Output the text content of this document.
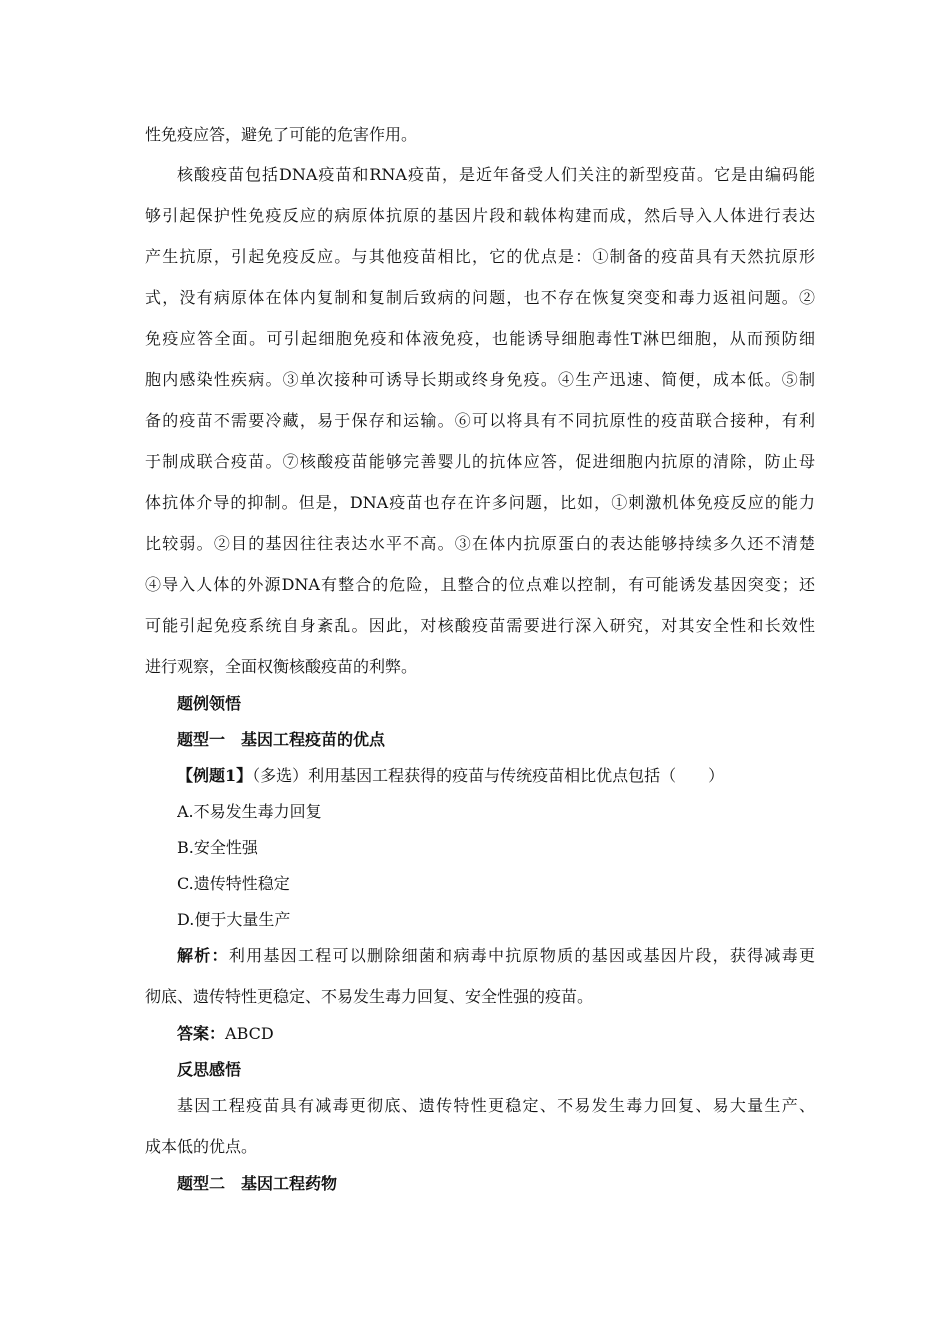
性免疫应答，避免了可能的危害作用。
核酸疫苗包括DNA疫苗和RNA疫苗，是近年备受人们关注的新型疫苗。它是由编码能
够引起保护性免疫反应的病原体抗原的基因片段和载体构建而成，然后导入人体进行表达
产生抗原，引起免疫反应。与其他疫苗相比，它的优点是：①制备的疫苗具有天然抗原形
式，没有病原体在体内复制和复制后致病的问题，也不存在恢复突变和毒力返祖问题。②
免疫应答全面。可引起细胞免疫和体液免疫，也能诱导细胞毒性T淋巴细胞，从而预防细
胞内感染性疾病。③单次接种可诱导长期或终身免疫。④生产迅速、简便，成本低。⑤制
备的疫苗不需要冷藏，易于保存和运输。⑥可以将具有不同抗原性的疫苗联合接种，有利
于制成联合疫苗。⑦核酸疫苗能够完善婴儿的抗体应答，促进细胞内抗原的清除，防止母
体抗体介导的抑制。但是，DNA疫苗也存在许多问题，比如，①刺激机体免疫反应的能力
比较弱。②目的基因往往表达水平不高。③在体内抗原蛋白的表达能够持续多久还不清楚
④导入人体的外源DNA有整合的危险，且整合的位点难以控制，有可能诱发基因突变；还
可能引起免疫系统自身紊乱。因此，对核酸疫苗需要进行深入研究，对其安全性和长效性
进行观察，全面权衡核酸疫苗的利弊。
题例领悟
题型一　基因工程疫苗的优点
【例题1】（多选）利用基因工程获得的疫苗与传统疫苗相比优点包括（　　）
A.不易发生毒力回复
B.安全性强
C.遗传特性稳定
D.便于大量生产
解析：利用基因工程可以删除细菌和病毒中抗原物质的基因或基因片段，获得减毒更
彻底、遗传特性更稳定、不易发生毒力回复、安全性强的疫苗。
答案：ABCD
反思感悟
基因工程疫苗具有减毒更彻底、遗传特性更稳定、不易发生毒力回复、易大量生产、
成本低的优点。
题型二　基因工程药物
